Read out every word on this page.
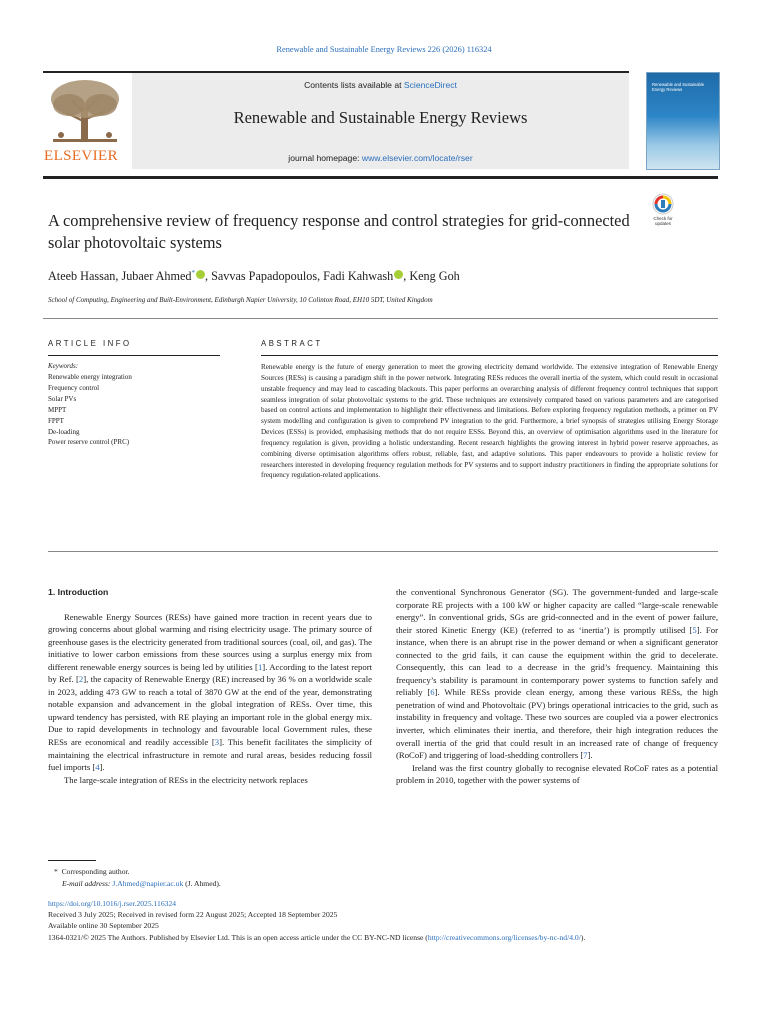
Renewable and Sustainable Energy Reviews 226 (2026) 116324
ELSEVIER
Contents lists available at ScienceDirect
Renewable and Sustainable Energy Reviews
journal homepage: www.elsevier.com/locate/rser
Renewable and Sustainable Energy Reviews
A comprehensive review of frequency response and control strategies for grid-connected solar photovoltaic systems
Check for updates
Ateeb Hassan, Jubaer Ahmed* , Savvas Papadopoulos, Fadi Kahwash , Keng Goh
School of Computing, Engineering and Built-Environment, Edinburgh Napier University, 10 Colinton Road, EH10 5DT, United Kingdom
ARTICLE INFO	ABSTRACT
Keywords:
Renewable energy integration
Frequency control
Solar PVs
MPPT
FPPT
De-loading
Power reserve control (PRC)
Renewable energy is the future of energy generation to meet the growing electricity demand worldwide. The extensive integration of Renewable Energy Sources (RESs) is causing a paradigm shift in the power network. Integrating RESs reduces the overall inertia of the system, which could result in occasional unstable frequency and may lead to cascading blackouts. This paper performs an overarching analysis of different frequency control techniques that support seamless integration of solar photovoltaic systems to the grid. These techniques are extensively compared based on various parameters and are categorised based on control actions and implementation to highlight their effectiveness and limitations. Before exploring frequency regulation methods, a primer on PV system modelling and configuration is given to comprehend PV integration to the grid. Furthermore, a brief synopsis of strategies utilising Energy Storage Devices (ESSs) is provided, emphasising methods that do not require ESSs. Beyond this, an overview of optimisation algorithms used in the literature for frequency regulation is given, providing a holistic understanding. Recent research highlights the growing interest in hybrid power reserve approaches, as combining diverse optimisation algorithms offers robust, reliable, fast, and adaptive solutions. This paper endeavours to provide a holistic review for researchers interested in developing frequency regulation methods for PV systems and to support industry practitioners in finding the appropriate solutions for frequency regulation-related applications.

1. Introduction

Renewable Energy Sources (RESs) have gained more traction in recent years due to growing concerns about global warming and rising electricity usage. The primary source of greenhouse gases is the electricity generated from traditional sources (coal, oil, and gas). The initiative to lower carbon emissions from these sources using a surplus energy mix from different renewable energy sources is being led by utilities [1]. According to the latest report by Ref. [2], the capacity of Renewable Energy (RE) increased by 36 % on a worldwide scale in 2023, adding 473 GW to reach a total of 3870 GW at the end of the year, demonstrating notable expansion and advancement in the global integration of RESs. Over time, this upward tendency has persisted, with RE playing an important role in the global energy mix. Due to rapid developments in technology and favourable local Government rules, these RESs are economical and readily accessible [3]. This benefit facilitates the simplicity of maintaining the electrical infrastructure in remote and rural areas, besides reducing fossil fuel imports [4].

The large-scale integration of RESs in the electricity network replaces

the conventional Synchronous Generator (SG). The government-funded and large-scale corporate RE projects with a 100 kW or higher capacity are called “large-scale renewable energy”. In conventional grids, SGs are grid-connected and in the event of power failure, their stored Kinetic Energy (KE) (referred to as ‘inertia’) is promptly utilised [5]. For instance, when there is an abrupt rise in the power demand or when a significant generator connected to the grid fails, it can cause the equipment within the grid to decelerate. Consequently, this can lead to a decrease in the grid’s frequency. Maintaining this frequency’s stability is paramount in contemporary power systems to function safely and reliably [6]. While RESs provide clean energy, among these various RESs, the high penetration of wind and Photovoltaic (PV) brings operational intricacies to the grid, such as instability in frequency and voltage. These two sources are coupled via a power electronics inverter, which eliminates their inertia, and therefore, their high integration reduces the overall inertia of the grid that could result in an increased rate of change of frequency (RoCoF) and triggering of load-shedding controllers [7].

Ireland was the first country globally to recognise elevated RoCoF rates as a potential problem in 2010, together with the power systems of

* Corresponding author.
E-mail address: J.Ahmed@napier.ac.uk (J. Ahmed).
https://doi.org/10.1016/j.rser.2025.116324
Received 3 July 2025; Received in revised form 22 August 2025; Accepted 18 September 2025
Available online 30 September 2025
1364-0321/© 2025 The Authors. Published by Elsevier Ltd. This is an open access article under the CC BY-NC-ND license (http://creativecommons.org/licenses/by-nc-nd/4.0/).
